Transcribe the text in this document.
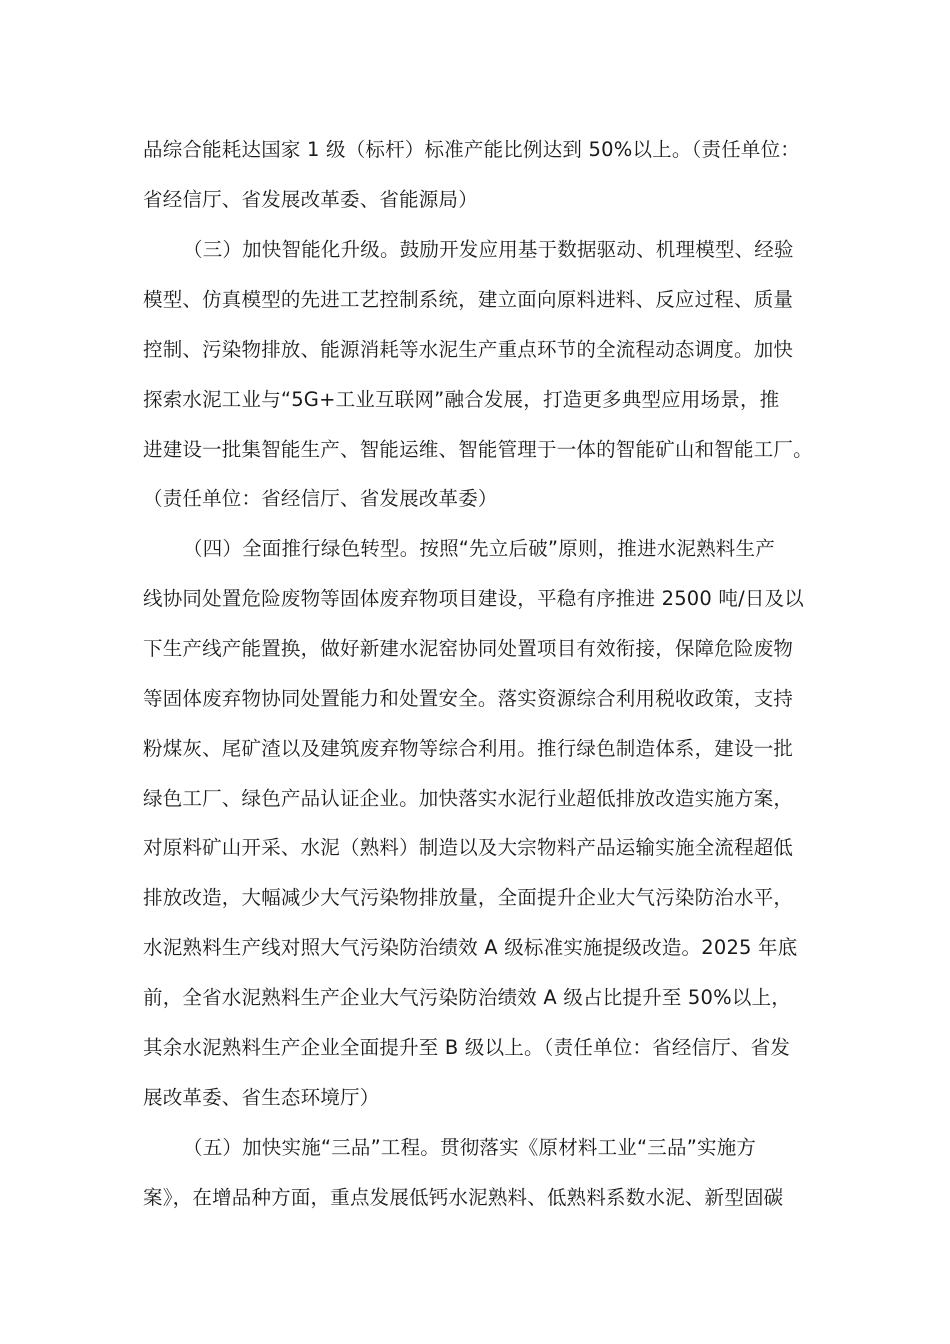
品综合能耗达国家 1 级（标杆）标准产能比例达到 50%以上。（责任单位：
省经信厅、省发展改革委、省能源局）
（三）加快智能化升级。鼓励开发应用基于数据驱动、机理模型、经验
模型、仿真模型的先进工艺控制系统，建立面向原料进料、反应过程、质量
控制、污染物排放、能源消耗等水泥生产重点环节的全流程动态调度。加快
探索水泥工业与“5G+工业互联网”融合发展，打造更多典型应用场景，推
进建设一批集智能生产、智能运维、智能管理于一体的智能矿山和智能工厂。
（责任单位：省经信厅、省发展改革委）
（四）全面推行绿色转型。按照“先立后破”原则，推进水泥熟料生产
线协同处置危险废物等固体废弃物项目建设，平稳有序推进 2500 吨/日及以
下生产线产能置换，做好新建水泥窑协同处置项目有效衔接，保障危险废物
等固体废弃物协同处置能力和处置安全。落实资源综合利用税收政策，支持
粉煤灰、尾矿渣以及建筑废弃物等综合利用。推行绿色制造体系，建设一批
绿色工厂、绿色产品认证企业。加快落实水泥行业超低排放改造实施方案，
对原料矿山开采、水泥（熟料）制造以及大宗物料产品运输实施全流程超低
排放改造，大幅减少大气污染物排放量，全面提升企业大气污染防治水平，
水泥熟料生产线对照大气污染防治绩效 A 级标准实施提级改造。2025 年底
前，全省水泥熟料生产企业大气污染防治绩效 A 级占比提升至 50%以上，
其余水泥熟料生产企业全面提升至 B 级以上。（责任单位：省经信厅、省发
展改革委、省生态环境厅）
（五）加快实施“三品”工程。贯彻落实《原材料工业“三品”实施方
案》，在增品种方面，重点发展低钙水泥熟料、低熟料系数水泥、新型固碳
